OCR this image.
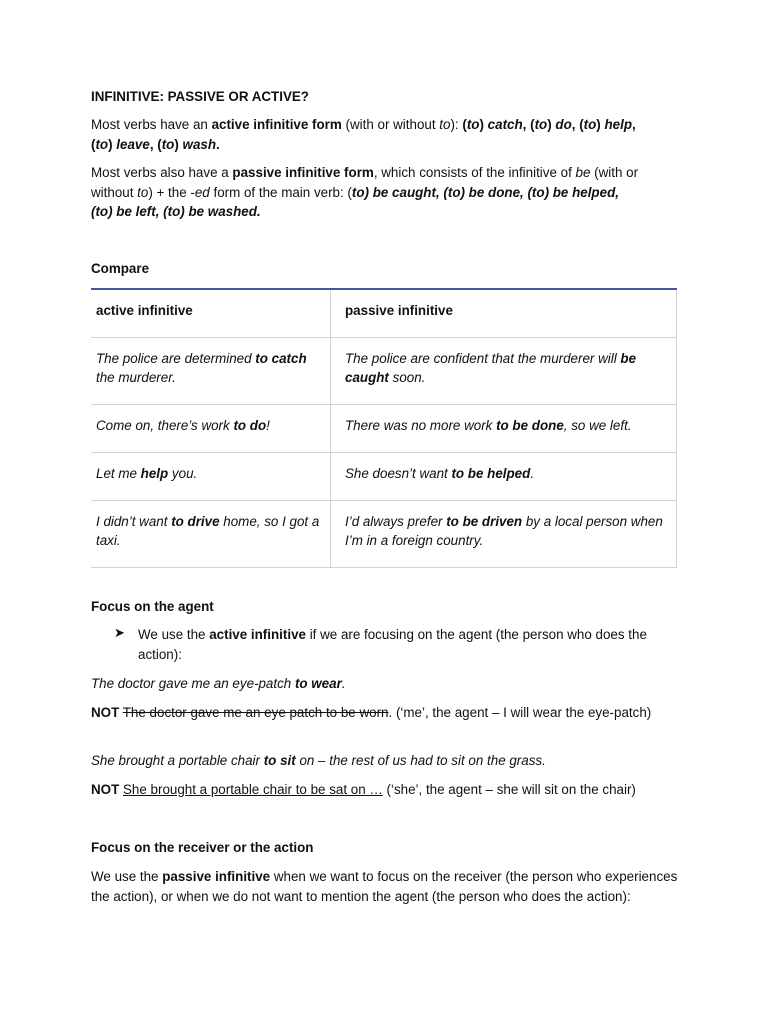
INFINITIVE: PASSIVE OR ACTIVE?

Most verbs have an active infinitive form (with or without to): (to) catch, (to) do, (to) help,
(to) leave, (to) wash.

Most verbs also have a passive infinitive form, which consists of the infinitive of be (with or
without to) + the -ed form of the main verb: (to) be caught, (to) be done, (to) be helped,
(to) be left, (to) be washed.

Compare

active infinitive	passive infinitive
The police are determined to catch the murderer.	The police are confident that the murderer will be caught soon.
Come on, there’s work to do!	There was no more work to be done, so we left.
Let me help you.	She doesn’t want to be helped.
I didn’t want to drive home, so I got a taxi.	I’d always prefer to be driven by a local person when I’m in a foreign country.

Focus on the agent

➤ We use the active infinitive if we are focusing on the agent (the person who does the action):

The doctor gave me an eye-patch to wear.

NOT The doctor gave me an eye patch to be worn. (‘me’, the agent – I will wear the eye-patch)

She brought a portable chair to sit on – the rest of us had to sit on the grass.

NOT She brought a portable chair to be sat on … (‘she’, the agent – she will sit on the chair)

Focus on the receiver or the action

We use the passive infinitive when we want to focus on the receiver (the person who experiences the action), or when we do not want to mention the agent (the person who does the action):
